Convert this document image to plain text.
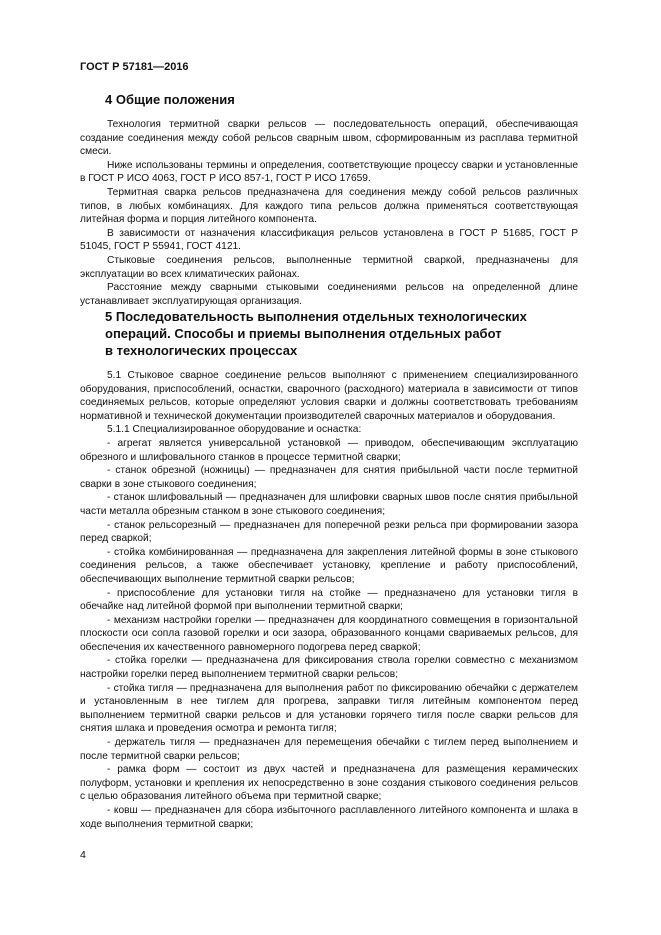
ГОСТ Р 57181—2016
4 Общие положения

Технология термитной сварки рельсов — последовательность операций, обеспечивающая создание соединения между собой рельсов сварным швом, сформированным из расплава термитной смеси.

Ниже использованы термины и определения, соответствующие процессу сварки и установленные в ГОСТ Р ИСО 4063, ГОСТ Р ИСО 857-1, ГОСТ Р ИСО 17659.

Термитная сварка рельсов предназначена для соединения между собой рельсов различных типов, в любых комбинациях. Для каждого типа рельсов должна применяться соответствующая литейная форма и порция литейного компонента.

В зависимости от назначения классификация рельсов установлена в ГОСТ Р 51685, ГОСТ Р 51045, ГОСТ Р 55941, ГОСТ 4121.

Стыковые соединения рельсов, выполненные термитной сваркой, предназначены для эксплуатации во всех климатических районах.

Расстояние между сварными стыковыми соединениями рельсов на определенной длине устанавливает эксплуатирующая организация.

5 Последовательность выполнения отдельных технологических
операций. Способы и приемы выполнения отдельных работ
в технологических процессах

5.1 Стыковое сварное соединение рельсов выполняют с применением специализированного оборудования, приспособлений, оснастки, сварочного (расходного) материала в зависимости от типов соединяемых рельсов, которые определяют условия сварки и должны соответствовать требованиям нормативной и технической документации производителей сварочных материалов и оборудования.

5.1.1 Специализированное оборудование и оснастка:

- агрегат является универсальной установкой — приводом, обеспечивающим эксплуатацию обрезного и шлифовального станков в процессе термитной сварки;

- станок обрезной (ножницы) — предназначен для снятия прибыльной части после термитной сварки в зоне стыкового соединения;

- станок шлифовальный — предназначен для шлифовки сварных швов после снятия прибыльной части металла обрезным станком в зоне стыкового соединения;

- станок рельсорезный — предназначен для поперечной резки рельса при формировании зазора перед сваркой;

- стойка комбинированная — предназначена для закрепления литейной формы в зоне стыкового соединения рельсов, а также обеспечивает установку, крепление и работу приспособлений, обеспечивающих выполнение термитной сварки рельсов;

- приспособление для установки тигля на стойке — предназначено для установки тигля в обечайке над литейной формой при выполнении термитной сварки;

- механизм настройки горелки — предназначен для координатного совмещения в горизонтальной плоскости оси сопла газовой горелки и оси зазора, образованного концами свариваемых рельсов, для обеспечения их качественного равномерного подогрева перед сваркой;

- стойка горелки — предназначена для фиксирования ствола горелки совместно с механизмом настройки горелки перед выполнением термитной сварки рельсов;

- стойка тигля — предназначена для выполнения работ по фиксированию обечайки с держателем и установленным в нее тиглем для прогрева, заправки тигля литейным компонентом перед выполнением термитной сварки рельсов и для установки горячего тигля после сварки рельсов для снятия шлака и проведения осмотра и ремонта тигля;

- держатель тигля — предназначен для перемещения обечайки с тиглем перед выполнением и после термитной сварки рельсов;

- рамка форм — состоит из двух частей и предназначена для размещения керамических полуформ, установки и крепления их непосредственно в зоне создания стыкового соединения рельсов с целью образования литейного объема при термитной сварке;

- ковш — предназначен для сбора избыточного расплавленного литейного компонента и шлака в ходе выполнения термитной сварки;

4
